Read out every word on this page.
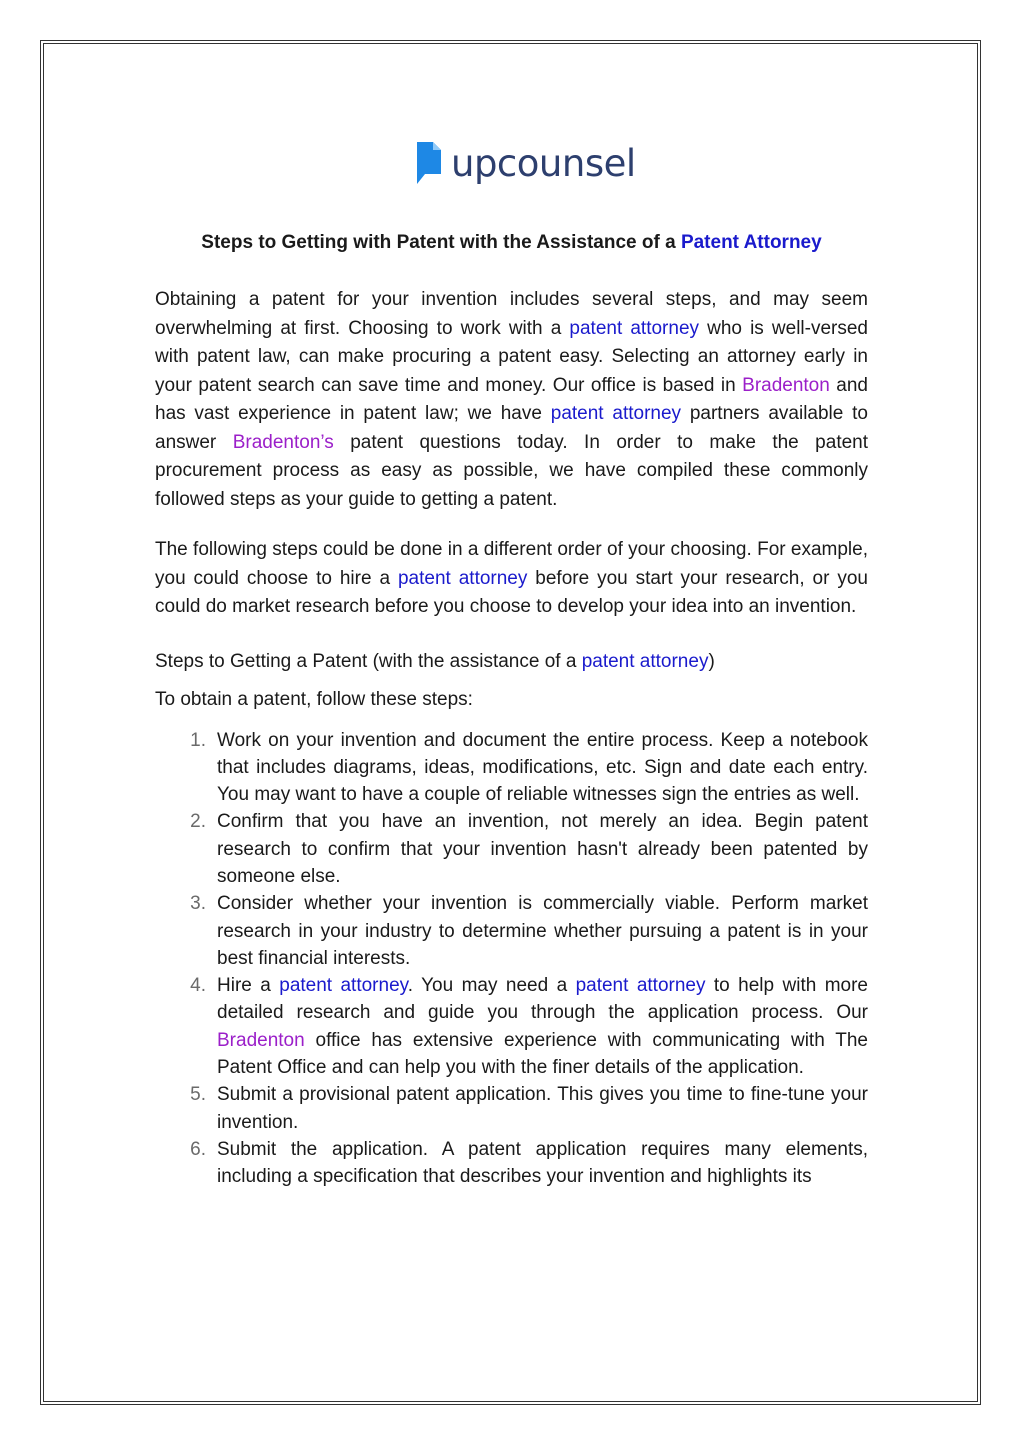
upcounsel
Steps to Getting with Patent with the Assistance of a Patent Attorney

Obtaining a patent for your invention includes several steps, and may seem overwhelming at first. Choosing to work with a patent attorney who is well-versed with patent law, can make procuring a patent easy. Selecting an attorney early in your patent search can save time and money. Our office is based in Bradenton and has vast experience in patent law; we have patent attorney partners available to answer Bradenton’s patent questions today. In order to make the patent procurement process as easy as possible, we have compiled these commonly followed steps as your guide to getting a patent.

The following steps could be done in a different order of your choosing. For example, you could choose to hire a patent attorney before you start your research, or you could do market research before you choose to develop your idea into an invention.

Steps to Getting a Patent (with the assistance of a patent attorney)

To obtain a patent, follow these steps:

1. Work on your invention and document the entire process. Keep a notebook that includes diagrams, ideas, modifications, etc. Sign and date each entry. You may want to have a couple of reliable witnesses sign the entries as well.
2. Confirm that you have an invention, not merely an idea. Begin patent research to confirm that your invention hasn't already been patented by someone else.
3. Consider whether your invention is commercially viable. Perform market research in your industry to determine whether pursuing a patent is in your best financial interests.
4. Hire a patent attorney. You may need a patent attorney to help with more detailed research and guide you through the application process. Our Bradenton office has extensive experience with communicating with The Patent Office and can help you with the finer details of the application.
5. Submit a provisional patent application. This gives you time to fine-tune your invention.
6. Submit the application. A patent application requires many elements, including a specification that describes your invention and highlights its
